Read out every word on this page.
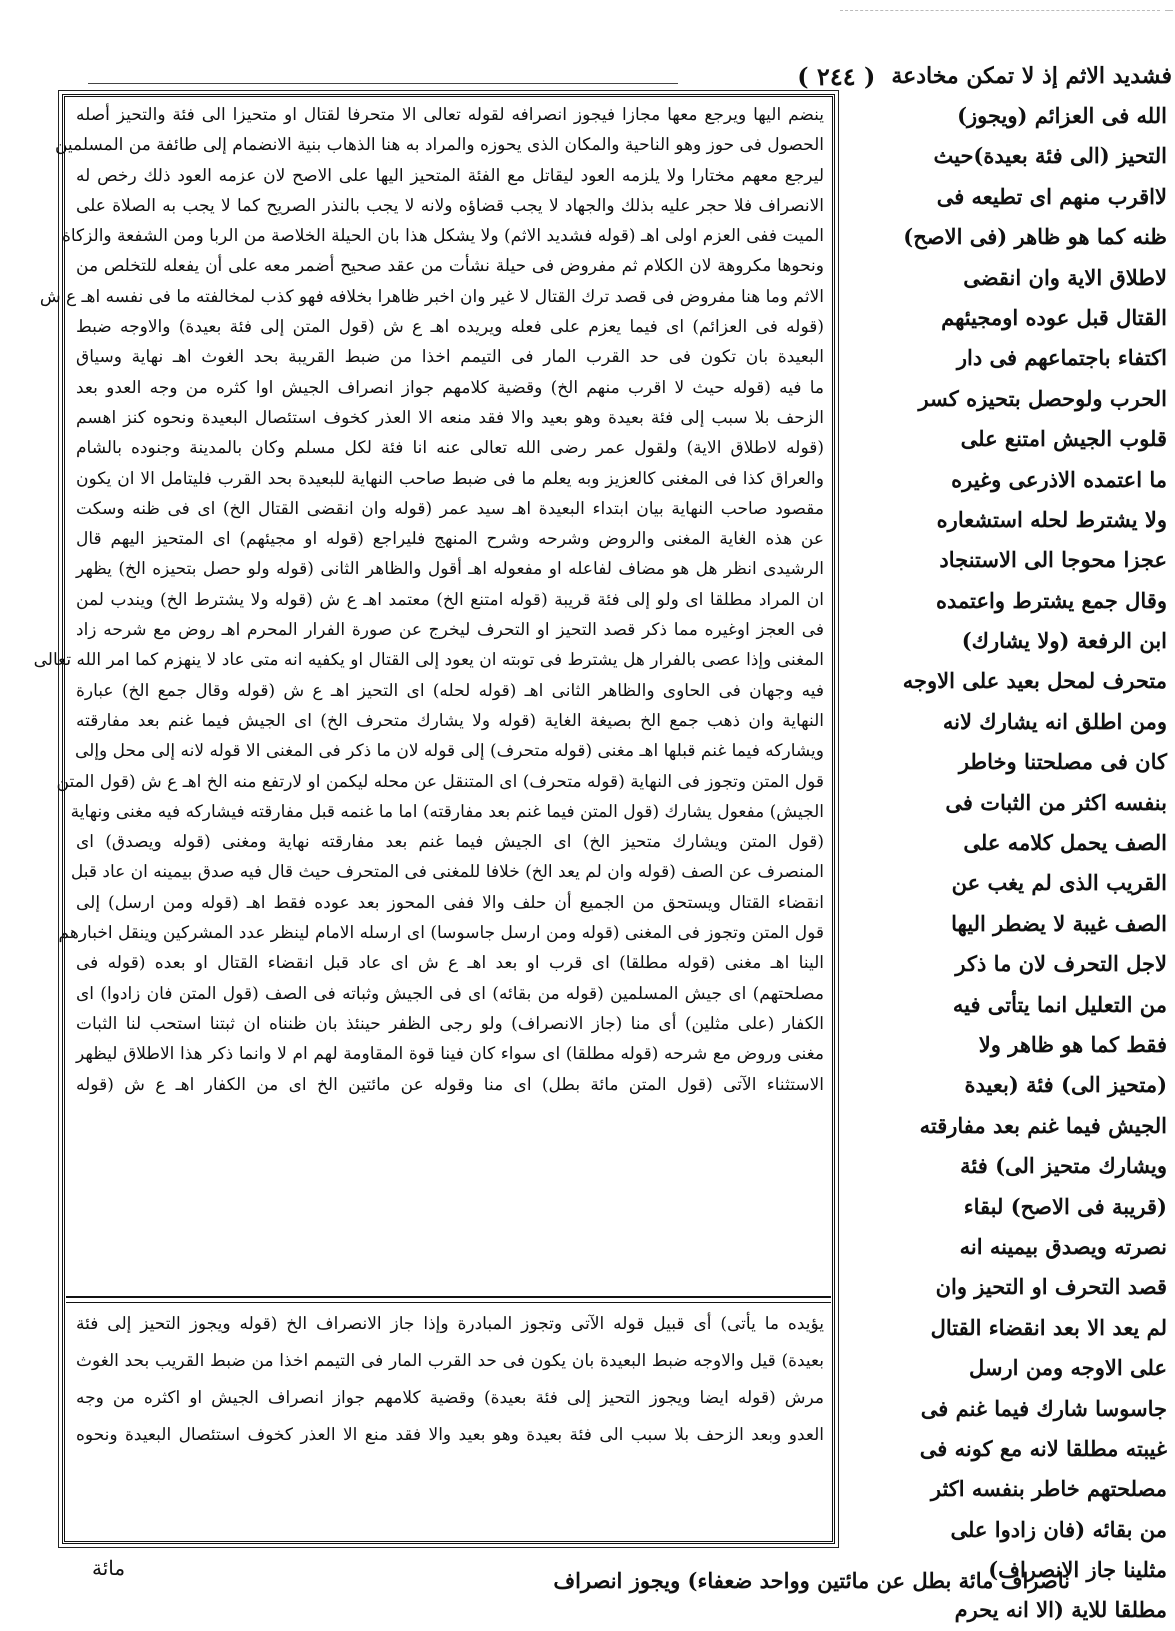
فشديد الاثم إذ لا تمكن مخادعة
( ٢٤٤ )
الله فى العزائم (ويجوز)
التحيز (الى فئة بعيدة)حيث
لااقرب منهم اى تطيعه فى
ظنه كما هو ظاهر (فى الاصح)
لاطلاق الاية وان انقضى
القتال قبل عوده اومجيئهم
اكتفاء باجتماعهم فى دار
الحرب ولوحصل بتحيزه كسر
قلوب الجيش امتنع على
ما اعتمده الاذرعى وغيره
ولا يشترط لحله استشعاره
عجزا محوجا الى الاستنجاد
وقال جمع يشترط واعتمده
ابن الرفعة (ولا يشارك)
متحرف لمحل بعيد على الاوجه
ومن اطلق انه يشارك لانه
كان فى مصلحتنا وخاطر
بنفسه اكثر من الثبات فى
الصف يحمل كلامه على
القريب الذى لم يغب عن
الصف غيبة لا يضطر اليها
لاجل التحرف لان ما ذكر
من التعليل انما يتأتى فيه
فقط كما هو ظاهر ولا
(متحيز الى) فئة (بعيدة
الجيش فيما غنم بعد مفارقته
ويشارك متحيز الى) فئة
(قريبة فى الاصح) لبقاء
نصرته ويصدق بيمينه انه
قصد التحرف او التحيز وان
لم يعد الا بعد انقضاء القتال
على الاوجه ومن ارسل
جاسوسا شارك فيما غنم فى
غيبته مطلقا لانه مع كونه فى
مصلحتهم خاطر بنفسه اكثر
من بقائه (فان زادوا على
مثلينا جاز الانصراف)
مطلقا للاية (الا انه يحرم
ينضم اليها ويرجع معها مجازا فيجوز انصرافه لقوله تعالى الا متحرفا لقتال او متحيزا الى فئة والتحيز أصله
الحصول فى حوز وهو الناحية والمكان الذى يحوزه والمراد به هنا الذهاب بنية الانضمام إلى طائفة من المسلمين
ليرجع معهم مختارا ولا يلزمه العود ليقاتل مع الفئة المتحيز اليها على الاصح لان عزمه العود ذلك رخص له
الانصراف فلا حجر عليه بذلك والجهاد لا يجب قضاؤه ولانه لا يجب بالنذر الصريح كما لا يجب به الصلاة على
الميت ففى العزم اولى اهـ (قوله فشديد الاثم) ولا يشكل هذا بان الحيلة الخلاصة من الربا ومن الشفعة والزكاة
ونحوها مكروهة لان الكلام ثم مفروض فى حيلة نشأت من عقد صحيح أضمر معه على أن يفعله للتخلص من
الاثم وما هنا مفروض فى قصد ترك القتال لا غير وان اخبر ظاهرا بخلافه فهو كذب لمخالفته ما فى نفسه اهـ ع ش
(قوله فى العزائم) اى فيما يعزم على فعله ويريده اهـ ع ش (قول المتن إلى فئة بعيدة) والاوجه ضبط
البعيدة بان تكون فى حد القرب المار فى التيمم اخذا من ضبط القريبة بحد الغوث اهـ نهاية وسياق
ما فيه (قوله حيث لا اقرب منهم الخ) وقضية كلامهم جواز انصراف الجيش اوا كثره من وجه العدو بعد
الزحف بلا سبب إلى فئة بعيدة وهو بعيد والا فقد منعه الا العذر كخوف استئصال البعيدة ونحوه كنز اهسم
(قوله لاطلاق الاية) ولقول عمر رضى الله تعالى عنه انا فئة لكل مسلم وكان بالمدينة وجنوده بالشام
والعراق كذا فى المغنى كالعزيز وبه يعلم ما فى ضبط صاحب النهاية للبعيدة بحد القرب فليتامل الا ان يكون
مقصود صاحب النهاية بيان ابتداء البعيدة اهـ سيد عمر (قوله وان انقضى القتال الخ) اى فى ظنه وسكت
عن هذه الغاية المغنى والروض وشرحه وشرح المنهج فليراجع (قوله او مجيئهم) اى المتحيز اليهم قال
الرشيدى انظر هل هو مضاف لفاعله او مفعوله اهـ أقول والظاهر الثانى (قوله ولو حصل بتحيزه الخ) يظهر
ان المراد مطلقا اى ولو إلى فئة قريبة (قوله امتنع الخ) معتمد اهـ ع ش (قوله ولا يشترط الخ) ويندب لمن
فى العجز اوغيره مما ذكر قصد التحيز او التحرف ليخرج عن صورة الفرار المحرم اهـ روض مع شرحه زاد
المغنى وإذا عصى بالفرار هل يشترط فى توبته ان يعود إلى القتال او يكفيه انه متى عاد لا ينهزم كما امر الله تعالى
فيه وجهان فى الحاوى والظاهر الثانى اهـ (قوله لحله) اى التحيز اهـ ع ش (قوله وقال جمع الخ) عبارة
النهاية وان ذهب جمع الخ بصيغة الغاية (قوله ولا يشارك متحرف الخ) اى الجيش فيما غنم بعد مفارقته
ويشاركه فيما غنم قبلها اهـ مغنى (قوله متحرف) إلى قوله لان ما ذكر فى المغنى الا قوله لانه إلى محل وإلى
قول المتن وتجوز فى النهاية (قوله متحرف) اى المتنقل عن محله ليكمن او لارتفع منه الخ اهـ ع ش (قول المتن
الجيش) مفعول يشارك (قول المتن فيما غنم بعد مفارقته) اما ما غنمه قبل مفارقته فيشاركه فيه مغنى ونهاية
(قول المتن ويشارك متحيز الخ) اى الجيش فيما غنم بعد مفارقته نهاية ومغنى (قوله ويصدق) اى
المنصرف عن الصف (قوله وان لم يعد الخ) خلافا للمغنى فى المتحرف حيث قال فيه صدق بيمينه ان عاد قبل
انقضاء القتال ويستحق من الجميع أن حلف والا ففى المحوز بعد عوده فقط اهـ (قوله ومن ارسل) إلى
قول المتن وتجوز فى المغنى (قوله ومن ارسل جاسوسا) اى ارسله الامام لينظر عدد المشركين وينقل اخبارهم
الينا اهـ مغنى (قوله مطلقا) اى قرب او بعد اهـ ع ش اى عاد قبل انقضاء القتال او بعده (قوله فى
مصلحتهم) اى جيش المسلمين (قوله من بقائه) اى فى الجيش وثباته فى الصف (قول المتن فان زادوا) اى
الكفار (على مثلين) أى منا (جاز الانصراف) ولو رجى الظفر حينئذ بان ظنناه ان ثبتنا استحب لنا الثبات
مغنى وروض مع شرحه (قوله مطلقا) اى سواء كان فينا قوة المقاومة لهم ام لا وانما ذكر هذا الاطلاق ليظهر
الاستثناء الآتى (قول المتن مائة بطل) اى منا وقوله عن مائتين الخ اى من الكفار اهـ ع ش (قوله
يؤيده ما يأتى) أى قبيل قوله الآتى وتجوز المبادرة وإذا جاز الانصراف الخ (قوله ويجوز التحيز إلى فئة
بعيدة) قيل والاوجه ضبط البعيدة بان يكون فى حد القرب المار فى التيمم اخذا من ضبط القريب بحد الغوث
مرش (قوله ايضا ويجوز التحيز إلى فئة بعيدة) وقضية كلامهم جواز انصراف الجيش او اكثره من وجه
العدو وبعد الزحف بلا سبب الى فئة بعيدة وهو بعيد والا فقد منع الا العذر كخوف استئصال البعيدة ونحوه
مائة	ناصراف مائة بطل عن مائتين وواحد ضعفاء) ويجوز انصراف
